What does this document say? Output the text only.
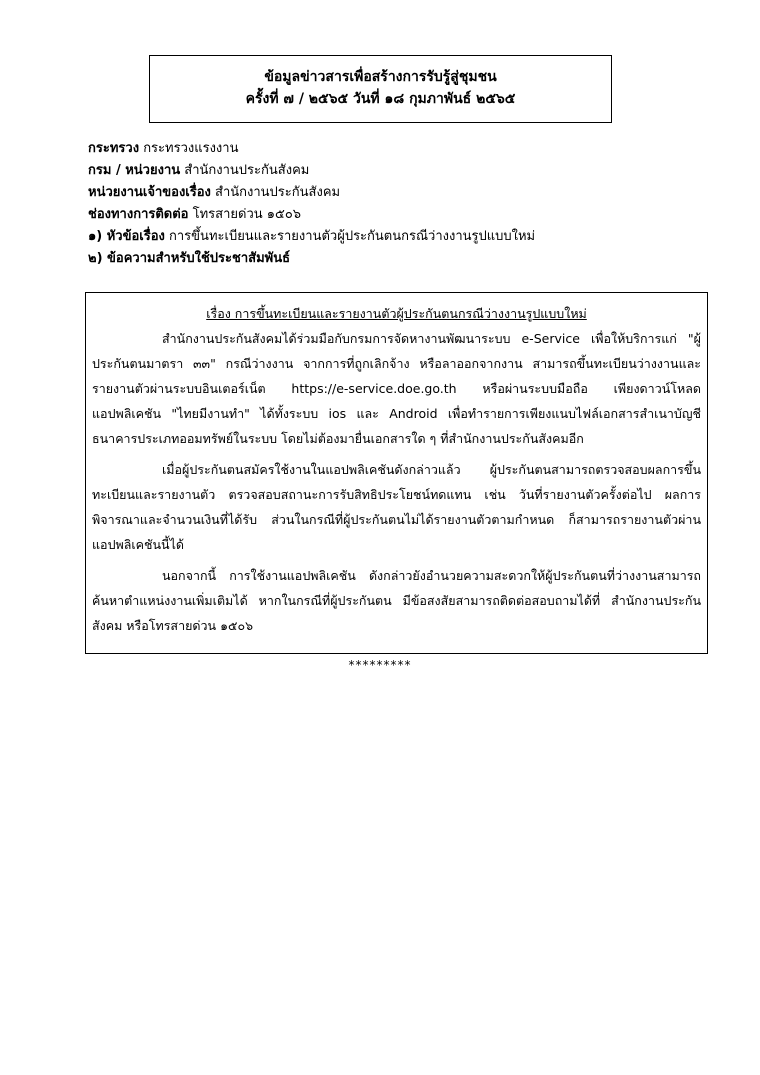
ข้อมูลข่าวสารเพื่อสร้างการรับรู้สู่ชุมชน
ครั้งที่ ๗ / ๒๕๖๕ วันที่ ๑๘ กุมภาพันธ์ ๒๕๖๕
กระทรวง กระทรวงแรงงาน
กรม / หน่วยงาน สำนักงานประกันสังคม
หน่วยงานเจ้าของเรื่อง สำนักงานประกันสังคม
ช่องทางการติดต่อ โทรสายด่วน ๑๕๐๖
๑) หัวข้อเรื่อง การขึ้นทะเบียนและรายงานตัวผู้ประกันตนกรณีว่างงานรูปแบบใหม่
๒) ข้อความสำหรับใช้ประชาสัมพันธ์
เรื่อง การขึ้นทะเบียนและรายงานตัวผู้ประกันตนกรณีว่างงานรูปแบบใหม่

สำนักงานประกันสังคมได้ร่วมมือกับกรมการจัดหางานพัฒนาระบบ e-Service เพื่อให้บริการแก่ "ผู้ประกันตนมาตรา ๓๓" กรณีว่างงาน จากการที่ถูกเลิกจ้าง หรือลาออกจากงาน สามารถขึ้นทะเบียนว่างงานและรายงานตัวผ่านระบบอินเตอร์เน็ต https://e-service.doe.go.th หรือผ่านระบบมือถือ เพียงดาวน์โหลดแอปพลิเคชัน "ไทยมีงานทำ" ได้ทั้งระบบ ios และ Android เพื่อทำรายการเพียงแนบไฟล์เอกสารสำเนาบัญชีธนาคารประเภทออมทรัพย์ในระบบ โดยไม่ต้องมายื่นเอกสารใด ๆ ที่สำนักงานประกันสังคมอีก

เมื่อผู้ประกันตนสมัครใช้งานในแอปพลิเคชันดังกล่าวแล้ว ผู้ประกันตนสามารถตรวจสอบผลการขึ้นทะเบียนและรายงานตัว ตรวจสอบสถานะการรับสิทธิประโยชน์ทดแทน เช่น วันที่รายงานตัวครั้งต่อไป ผลการพิจารณาและจำนวนเงินที่ได้รับ ส่วนในกรณีที่ผู้ประกันตนไม่ได้รายงานตัวตามกำหนด ก็สามารถรายงานตัวผ่านแอปพลิเคชันนี้ได้

นอกจากนี้ การใช้งานแอปพลิเคชัน ดังกล่าวยังอำนวยความสะดวกให้ผู้ประกันตนที่ว่างงานสามารถค้นหาตำแหน่งงานเพิ่มเติมได้ หากในกรณีที่ผู้ประกันตน มีข้อสงสัยสามารถติดต่อสอบถามได้ที่ สำนักงานประกันสังคม หรือโทรสายด่วน ๑๕๐๖

*********
